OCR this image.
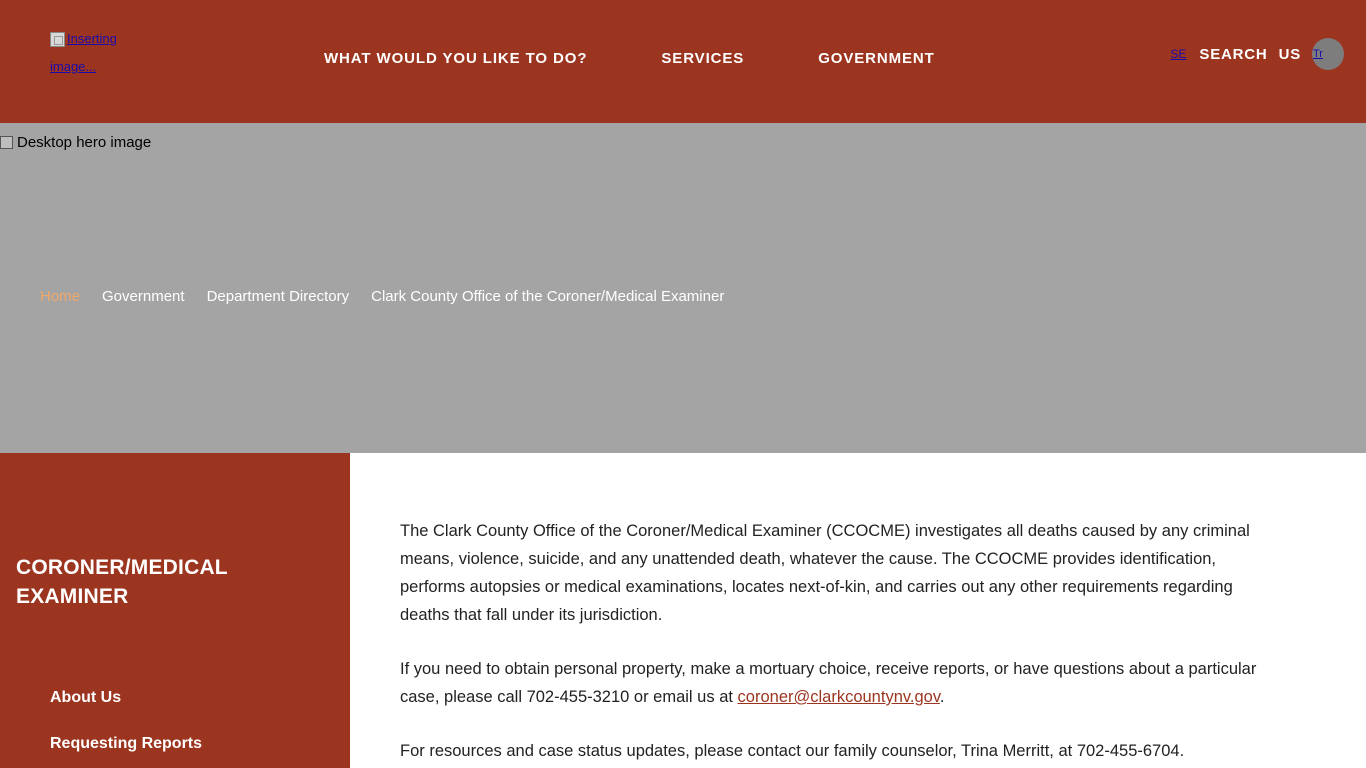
Inserting image...	WHAT WOULD YOU LIKE TO DO?	SERVICES	GOVERNMENT	SE SEARCH US Tr
Desktop hero image
Home Government Department Directory Clark County Office of the Coroner/Medical Examiner
CORONER/MEDICAL EXAMINER
About Us
Requesting Reports

The Clark County Office of the Coroner/Medical Examiner (CCOCME) investigates all deaths caused by any criminal means, violence, suicide, and any unattended death, whatever the cause. The CCOCME provides identification, performs autopsies or medical examinations, locates next-of-kin, and carries out any other requirements regarding deaths that fall under its jurisdiction.

If you need to obtain personal property, make a mortuary choice, receive reports, or have questions about a particular case, please call 702-455-3210 or email us at coroner@clarkcountynv.gov.

For resources and case status updates, please contact our family counselor, Trina Merritt, at 702-455-6704.
